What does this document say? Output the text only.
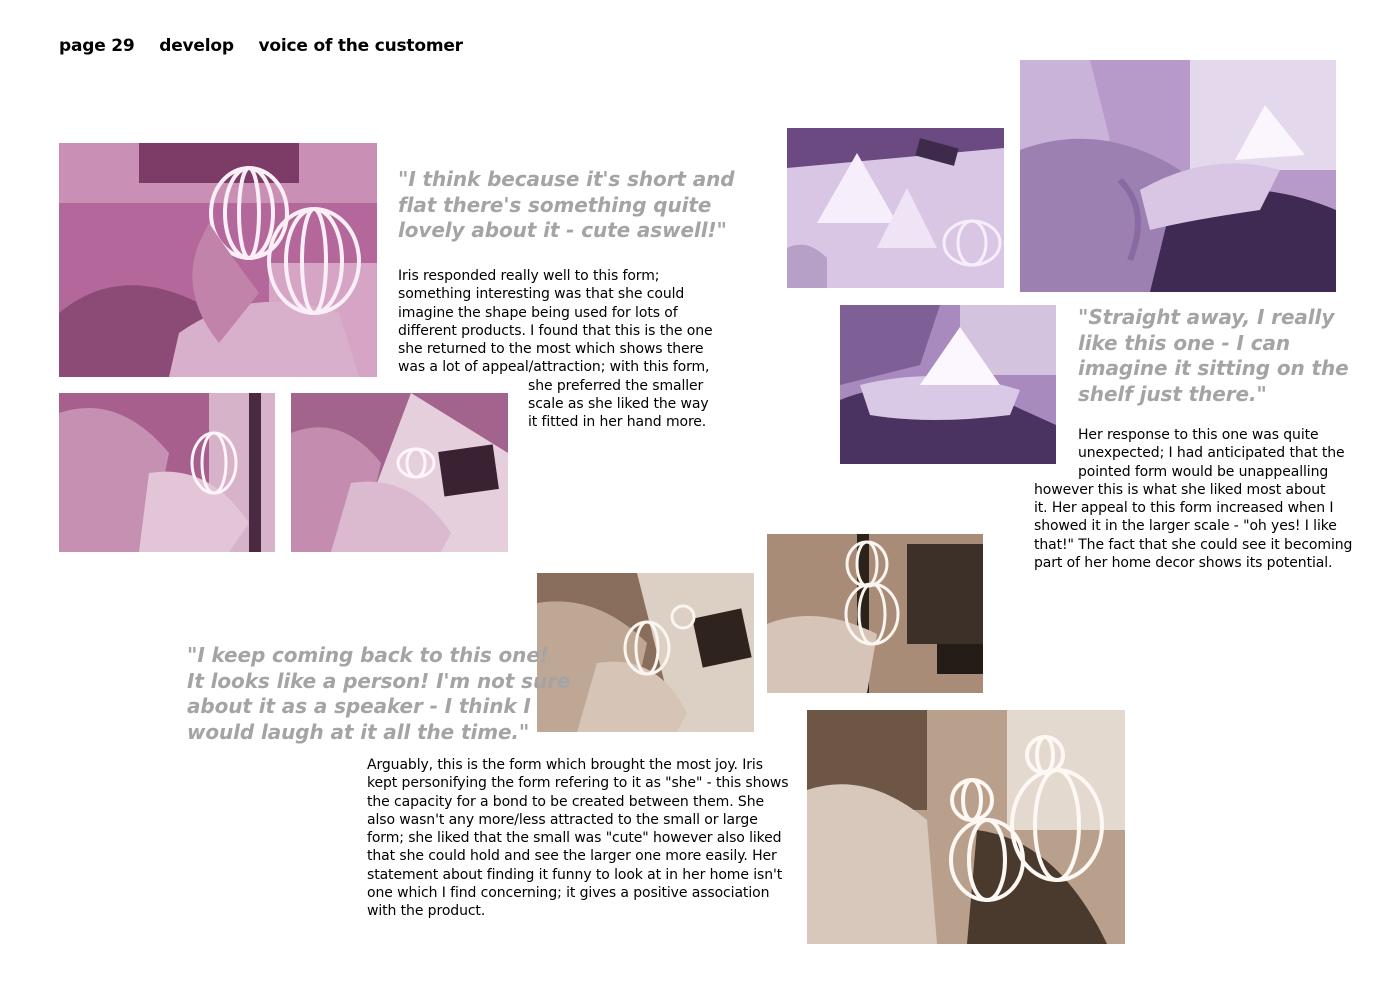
page 29 develop voice of the customer
"I think because it's short and
flat there's something quite
lovely about it - cute aswell!"
Iris responded really well to this form;
something interesting was that she could
imagine the shape being used for lots of
different products. I found that this is the one
she returned to the most which shows there
was a lot of appeal/attraction; with this form,
she preferred the smaller
scale as she liked the way
it fitted in her hand more.
"Straight away, I really
like this one - I can
imagine it sitting on the
shelf just there."
Her response to this one was quite
unexpected; I had anticipated that the
pointed form would be unappealling
however this is what she liked most about
it. Her appeal to this form increased when I
showed it in the larger scale - "oh yes! I like
that!" The fact that she could see it becoming
part of her home decor shows its potential.
"I keep coming back to this one!
It looks like a person! I'm not sure
about it as a speaker - I think I
would laugh at it all the time."
Arguably, this is the form which brought the most joy. Iris
kept personifying the form refering to it as "she" - this shows
the capacity for a bond to be created between them. She
also wasn't any more/less attracted to the small or large
form; she liked that the small was "cute" however also liked
that she could hold and see the larger one more easily. Her
statement about finding it funny to look at in her home isn't
one which I find concerning; it gives a positive association
with the product.
